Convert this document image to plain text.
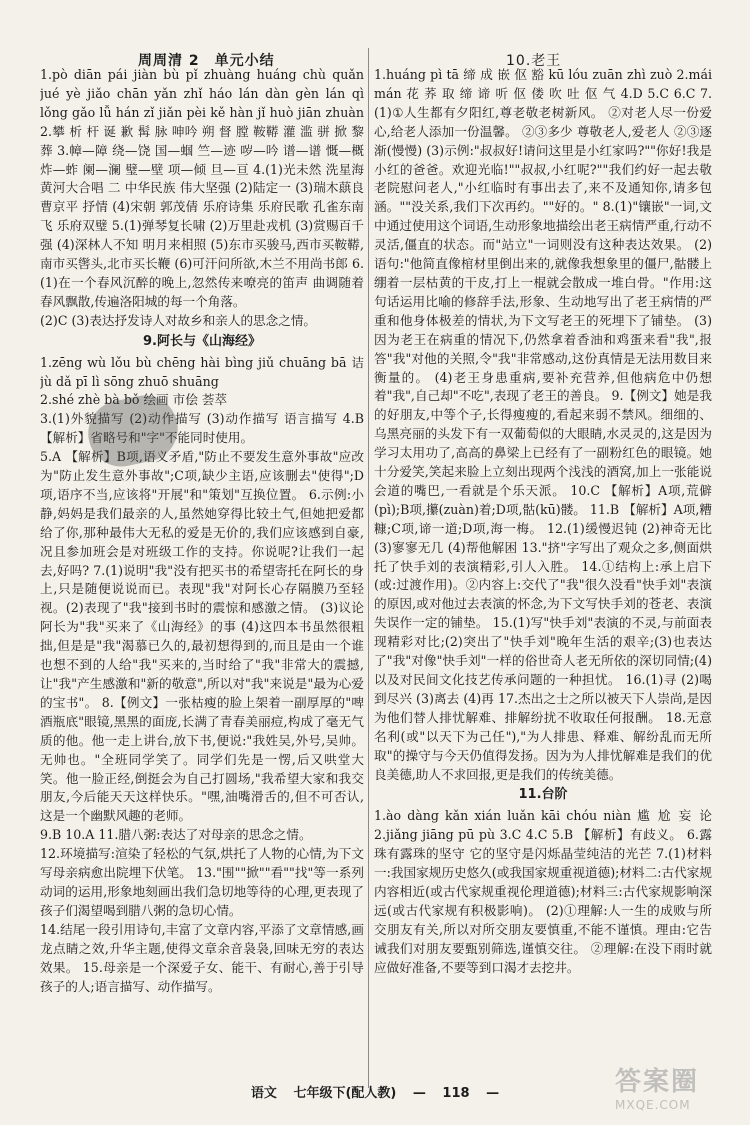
周周清 2　单元小结	10.老王

1.pò diān pái jiàn bù pǐ zhuàng huáng chù quǎn jué yè jiǎo chān yǎn zhǐ háo lán dàn gèn lán qì lǒng gǎo lǚ hán zǐ jiǎn pèi kě hàn jǐ huò jiān zhuàn 2.攀 析 杆 诞 歉 髯 脉 呻吟 朔 督 膛 鞍鞯 灌 滥 骈 掀 黎 葬 3.幛—障 绕—饶 国—蝈 竺—迹 哕—吟 谱—谱 慨—概 炸—蚱 阑—澜 璧—壁 项—倾 旦—亘 4.(1)光未然 洗星海 黄河大合唱 二 中华民族 伟大坚强 (2)陆定一 (3)瑞木蕻良 曹京平 抒情 (4)宋朝 郭茂倩 乐府诗集 乐府民歌 孔雀东南飞 乐府双璧 5.(1)弹琴复长啸 (2)万里赴戎机 (3)赏赐百千强 (4)深林人不知 明月来相照 (5)东市买骏马,西市买鞍鞯,南市买辔头,北市买长鞭 (6)可汗问所欲,木兰不用尚书郎 6.(1)在一个春风沉醉的晚上,忽然传来嘹亮的笛声 曲调随着春风飘散,传遍洛阳城的每一个角落。

(2)C (3)表达抒发诗人对故乡和亲人的思念之情。

9.阿长与《山海经》

1.zēng wù lǒu bù chēng hài bìng jiǔ chuāng bā 诘 jù dǎ pī lì sōng zhuō shuāng

2.shé zhè bà bǒ 绘画 市侩 荟萃

3.(1)外貌描写 (2)动作描写 (3)动作描写 语言描写 4.B 【解析】省略号和"字"不能同时使用。

5.A 【解析】B项,语义矛盾,"防止不要发生意外事故"应改为"防止发生意外事故";C项,缺少主语,应该删去"使得";D项,语序不当,应该将"开展"和"策划"互换位置。 6.示例:小静,妈妈是我们最亲的人,虽然她穿得比较土气,但她把爱都给了你,那种最伟大无私的爱是无价的,我们应该感到自豪,况且参加班会是对班级工作的支持。你说呢?让我们一起去,好吗? 7.(1)说明"我"没有把买书的希望寄托在阿长的身上,只是随便说说而已。表现"我"对阿长心存隔膜乃至轻视。(2)表现了"我"接到书时的震惊和感激之情。 (3)议论 阿长为"我"买来了《山海经》的事 (4)这四本书虽然很粗拙,但是是"我"渴慕已久的,最初想得到的,而且是由一个谁也想不到的人给"我"买来的,当时给了"我"非常大的震撼,让"我"产生感激和"新的敬意",所以对"我"来说是"最为心爱的宝书"。 8.【例文】一张枯瘦的脸上架着一副厚厚的"啤酒瓶底"眼镜,黑黑的面庞,长满了青春美丽痘,构成了毫无气质的他。他一走上讲台,放下书,便说:"我姓吴,外号,吴帅。无帅也。"全班同学笑了。同学们先是一愣,后又哄堂大笑。他一脸正经,倒挺会为自己打圆场,"我希望大家和我交朋友,今后能天天这样快乐。"嘿,油嘴滑舌的,但不可否认,这是一个幽默风趣的老师。

9.B 10.A 11.腊八粥:表达了对母亲的思念之情。

12.环境描写:渲染了轻松的气氛,烘托了人物的心情,为下文写母亲病愈出院埋下伏笔。 13."围""掀""看""找"等一系列动词的运用,形象地刻画出我们急切地等待的心理,更表现了孩子们渴望喝到腊八粥的急切心情。

14.结尾一段引用诗句,丰富了文章内容,平添了文章情感,画龙点睛之效,升华主题,使得文章余音袅袅,回味无穷的表达效果。 15.母亲是一个深爱子女、能干、有耐心,善于引导孩子的人;语言描写、动作描写。

1.huáng pì tā 缔 成 嵌 伛 豁 kū lóu zuān zhì zuò 2.mái mán 花 荞 取 缔 谛 听 伛 偻 吹 吐 伛 气 4.D 5.C 6.C 7.(1)①人生都有夕阳红,尊老敬老树新风。 ②对老人尽一份爱心,给老人添加一份温馨。 ②③多少 尊敬老人,爱老人 ②③逐渐(慢慢) (3)示例:"叔叔好!请问这里是小红家吗?""你好!我是小红的爸爸。欢迎光临!""叔叔,小红呢?""我们约好一起去敬老院慰问老人,"小红临时有事出去了,来不及通知你,请多包涵。""没关系,我们下次再约。""好的。" 8.(1)"镶嵌"一词,文中通过使用这个词语,生动形象地描绘出老王病情严重,行动不灵活,僵直的状态。而"站立"一词则没有这种表达效果。 (2)语句:"他简直像棺材里倒出来的,就像我想象里的僵尸,骷髅上绷着一层枯黄的干皮,打上一棍就会散成一堆白骨。"作用:这句话运用比喻的修辞手法,形象、生动地写出了老王病情的严重和他身体极差的情状,为下文写老王的死埋下了铺垫。 (3)因为老王在病重的情况下,仍然拿着香油和鸡蛋来看"我",报答"我"对他的关照,令"我"非常感动,这份真情是无法用数目来衡量的。 (4)老王身患重病,要补充营养,但他病危中仍想着"我",自己却"不吃",表现了老王的善良。 9.【例文】她是我的好朋友,中等个子,长得瘦瘦的,看起来弱不禁风。细细的、乌黑亮丽的头发下有一双葡萄似的大眼睛,水灵灵的,这是因为学习太用功了,高高的鼻梁上已经有了一副粉红色的眼镜。她十分爱笑,笑起来脸上立刻出现两个浅浅的酒窝,加上一张能说会道的嘴巴,一看就是个乐天派。 10.C 【解析】A项,荒僻(pì);B项,攥(zuàn)着;D项,骷(kū)髅。 11.B 【解析】A项,糟糠;C项,谛一道;D项,海一梅。 12.(1)缓慢迟钝 (2)神奇无比 (3)寥寥无几 (4)帮他解困 13."挤"字写出了观众之多,侧面烘托了快手刘的表演精彩,引人入胜。 14.①结构上:承上启下(或:过渡作用)。②内容上:交代了"我"很久没看"快手刘"表演的原因,或对他过去表演的怀念,为下文写快手刘的苍老、表演失误作一定的铺垫。 15.(1)写"快手刘"表演的不灵,与前面表现精彩对比;(2)突出了"快手刘"晚年生活的艰辛;(3)也表达了"我"对像"快手刘"一样的俗世奇人老无所依的深切同情;(4)以及对民间文化技艺传承问题的一种担忧。 16.(1)寻 (2)喝到尽兴 (3)离去 (4)再 17.杰出之士之所以被天下人崇尚,是因为他们替人排忧解难、排解纷扰不收取任何报酬。 18.无意名利(或"以天下为己任"),"为人排患、释难、解纷乱而无所取"的操守与今天仍值得发扬。因为为人排忧解难是我们的优良美德,助人不求回报,更是我们的传统美德。

11.台阶

1.ào dàng kǎn xián luǎn kāi chóu niàn 尴 尬 妄 论 2.jiǎng jiāng pū pù 3.C 4.C 5.B 【解析】有歧义。 6.露珠有露珠的坚守 它的坚守是闪烁晶莹纯洁的光芒 7.(1)材料一:我国家规历史悠久(或我国家规重视道德);材料二:古代家规内容相近(或古代家规重视伦理道德);材料三:古代家规影响深远(或古代家规有积极影响)。 (2)①理解:人一生的成败与所交朋友有关,所以对所交朋友要慎重,不能不谨慎。理由:它告诫我们对朋友要甄别筛选,谨慎交往。 ②理解:在没下雨时就应做好准备,不要等到口渴才去挖井。

语文 七年级下(配人教) — 118 —	答案圈
MXQE.COM
